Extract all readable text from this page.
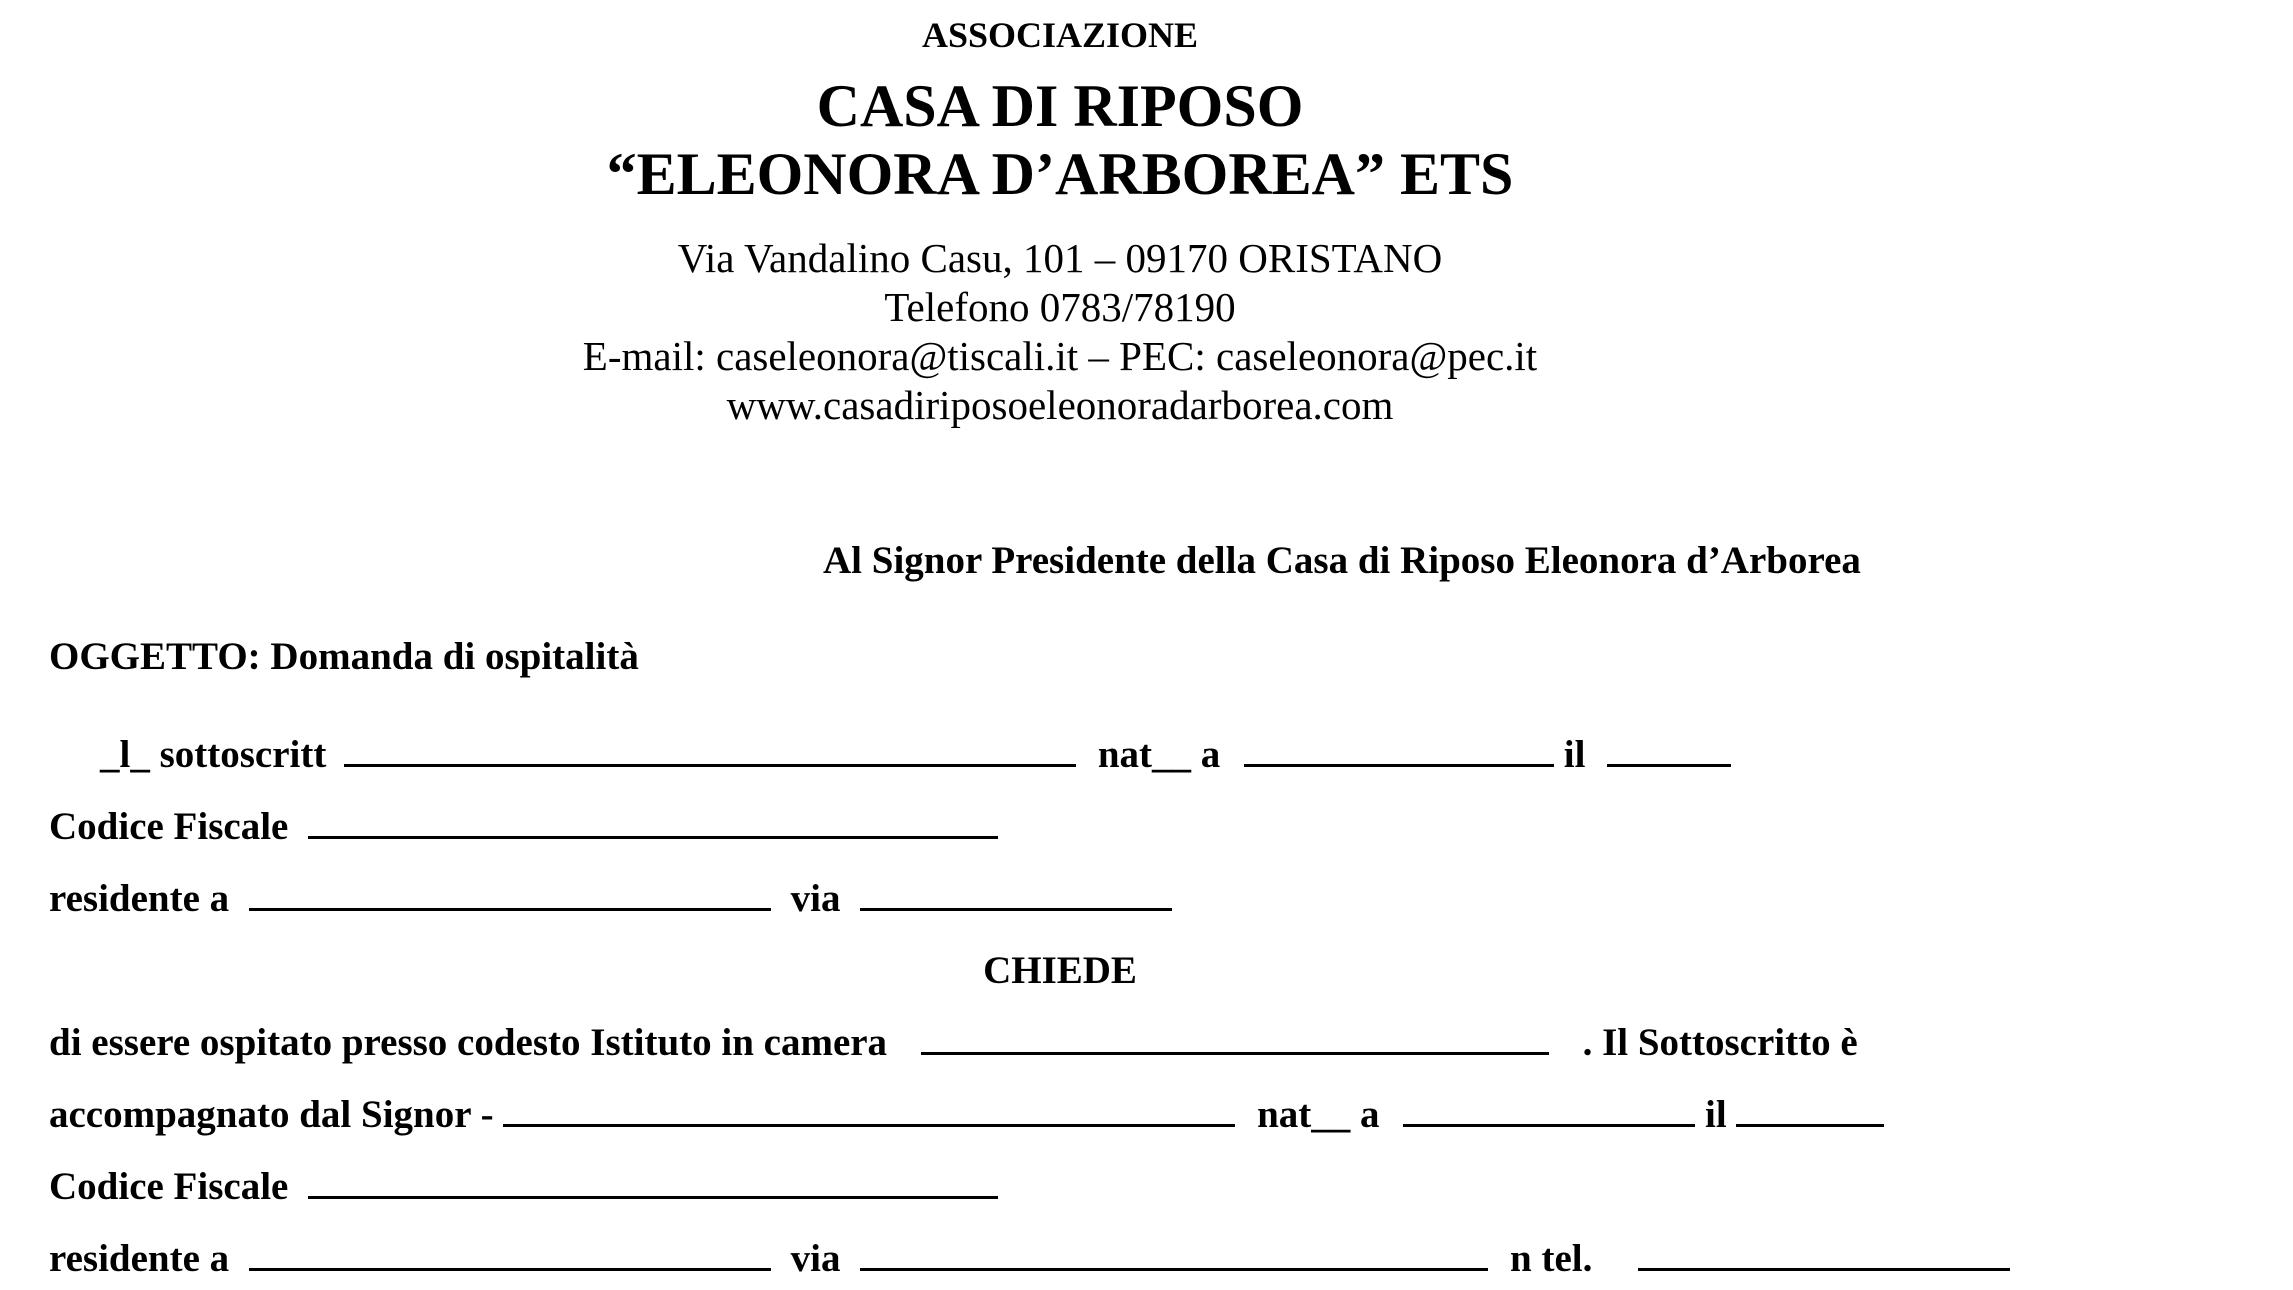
ASSOCIAZIONE
CASA DI RIPOSO
“ELEONORA D’ARBOREA” ETS
Via Vandalino Casu, 101 – 09170 ORISTANO
Telefono 0783/78190
E-mail: caseleonora@tiscali.it – PEC: caseleonora@pec.it
www.casadiriposoeleonoradarborea.com
Al Signor Presidente della Casa di Riposo Eleonora d’Arborea
OGGETTO: Domanda di ospitalità
_l_ sottoscritt	nat__ a	il
Codice Fiscale
residente a	via
CHIEDE
di essere ospitato presso codesto Istituto in camera	. Il Sottoscritto è
accompagnato dal Signor -	nat__ a	il
Codice Fiscale
residente a	via	n tel.
